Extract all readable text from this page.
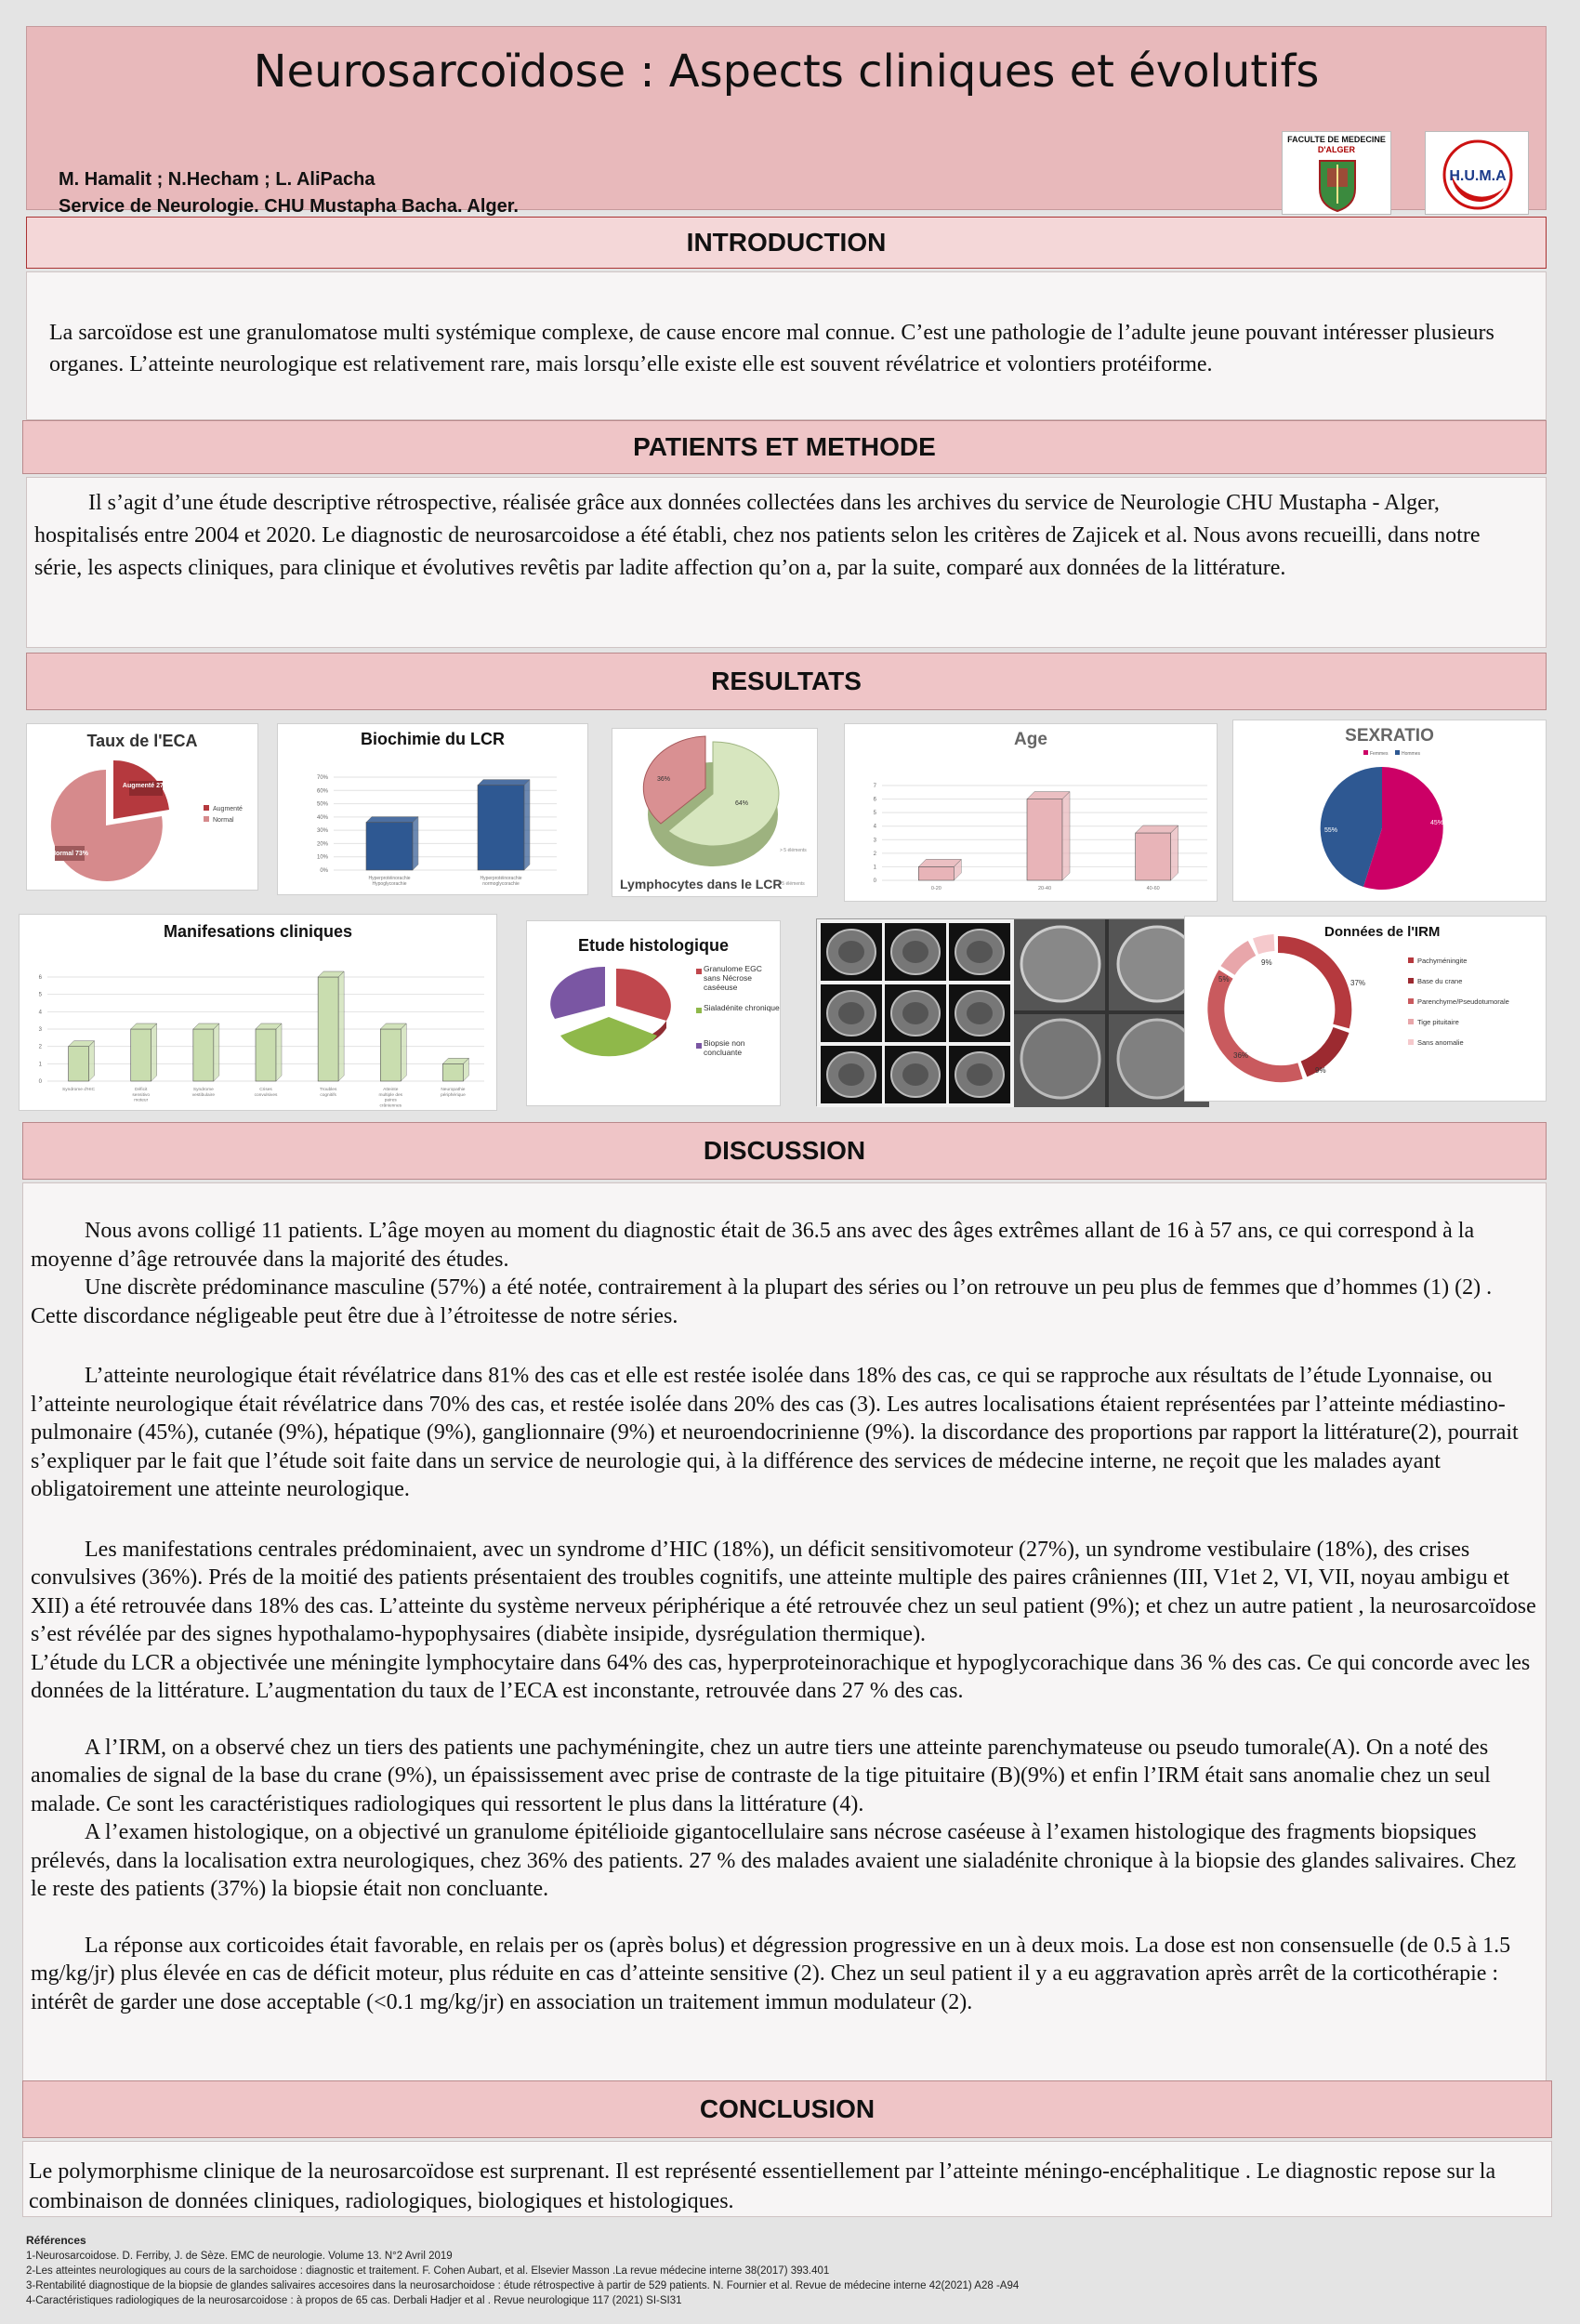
Neurosarcoïdose : Aspects cliniques et évolutifs
M. Hamalit ; N.Hecham ; L. AliPacha
Service de Neurologie. CHU Mustapha Bacha. Alger.
FACULTE DE MEDECINE
D'ALGER
H.U.M.A
INTRODUCTION

La sarcoïdose est une granulomatose multi systémique complexe, de cause encore mal connue. C’est une pathologie de l’adulte jeune pouvant intéresser plusieurs organes. L’atteinte neurologique est relativement rare, mais lorsqu’elle existe elle est souvent révélatrice et volontiers protéiforme.

PATIENTS ET METHODE

Il s’agit d’une étude descriptive rétrospective, réalisée grâce aux données collectées dans les archives du service de Neurologie CHU Mustapha - Alger, hospitalisés entre 2004 et 2020. Le diagnostic de neurosarcoidose a été établi, chez nos patients selon les critères de Zajicek et al. Nous avons recueilli, dans notre série, les aspects cliniques, para clinique et évolutives revêtis par ladite affection qu’on a, par la suite, comparé aux données de la littérature.

RESULTATS
Taux de l'ECA
Augmenté 27%
Normal 73%
Augmenté
Normal
Biochimie du LCR
0%
10%
20%
30%
40%
50%
60%
70%
Hyperprotéinorachie Hypoglycorachie
Hyperprotéinorachie normoglycorachie
64%
36%
> 5 éléments
< 5 éléments
Lymphocytes dans le LCR
Age
0
1
2
3
4
5
6
7
0-20	20-40	40-60
SEXRATIO
Femmes	Hommes
55%
45%
Manifesations cliniques
0
1
2
3
4
5
6
Syndrome d'HIC	Déficit sensitivo moteur
Syndrome vestibulaire
Crises convulsives
Troubles cognitifs
Atteinte multiple des paires crâniennes
Neuropathie périphérique
Etude histologique
Granulome EGC sans Nécrose caséeuse
Sialadénite chronique
Biopsie non concluante
Données de l'IRM
37%
9%
36%
5%
9%	Pachyméningite
Base du crane
Parenchyme/Pseudotumorale
Tige pituitaire
Sans anomalie
DISCUSSION

Nous avons colligé 11 patients. L’âge moyen au moment du diagnostic était de 36.5 ans avec des âges extrêmes allant de 16 à 57 ans, ce qui correspond à la moyenne d’âge retrouvée dans la majorité des études.

Une discrète prédominance masculine (57%) a été notée, contrairement à la plupart des séries ou l’on retrouve un peu plus de femmes que d’hommes (1) (2) . Cette discordance négligeable peut être due à l’étroitesse de notre séries.

L’atteinte neurologique était révélatrice dans 81% des cas et elle est restée isolée dans 18% des cas, ce qui se rapproche aux résultats de l’étude Lyonnaise, ou l’atteinte neurologique était révélatrice dans 70% des cas, et restée isolée dans 20% des cas (3). Les autres localisations étaient représentées par l’atteinte médiastino-pulmonaire (45%), cutanée (9%), hépatique (9%), ganglionnaire (9%) et neuroendocrinienne (9%). la discordance des proportions par rapport la littérature(2), pourrait s’expliquer par le fait que l’étude soit faite dans un service de neurologie qui, à la différence des services de médecine interne, ne reçoit que les malades ayant obligatoirement une atteinte neurologique.

Les manifestations centrales prédominaient, avec un syndrome d’HIC (18%), un déficit sensitivomoteur (27%), un syndrome vestibulaire (18%), des crises convulsives (36%). Prés de la moitié des patients présentaient des troubles cognitifs, une atteinte multiple des paires crâniennes (III, V1et 2, VI, VII, noyau ambigu et XII) a été retrouvée dans 18% des cas. L’atteinte du système nerveux périphérique a été retrouvée chez un seul patient (9%); et chez un autre patient , la neurosarcoïdose s’est révélée par des signes hypothalamo-hypophysaires (diabète insipide, dysrégulation thermique).

L’étude du LCR a objectivée une méningite lymphocytaire dans 64% des cas, hyperproteinorachique et hypoglycorachique dans 36 % des cas. Ce qui concorde avec les données de la littérature. L’augmentation du taux de l’ECA est inconstante, retrouvée dans 27 % des cas.

A l’IRM, on a observé chez un tiers des patients une pachyméningite, chez un autre tiers une atteinte parenchymateuse ou pseudo tumorale(A). On a noté des anomalies de signal de la base du crane (9%), un épaississement avec prise de contraste de la tige pituitaire (B)(9%) et enfin l’IRM était sans anomalie chez un seul malade. Ce sont les caractéristiques radiologiques qui ressortent le plus dans la littérature (4).

A l’examen histologique, on a objectivé un granulome épitélioide gigantocellulaire sans nécrose caséeuse à l’examen histologique des fragments biopsiques prélevés, dans la localisation extra neurologiques, chez 36% des patients. 27 % des malades avaient une sialadénite chronique à la biopsie des glandes salivaires. Chez le reste des patients (37%) la biopsie était non concluante.

La réponse aux corticoides était favorable, en relais per os (après bolus) et dégression progressive en un à deux mois. La dose est non consensuelle (de 0.5 à 1.5 mg/kg/jr) plus élevée en cas de déficit moteur, plus réduite en cas d’atteinte sensitive (2). Chez un seul patient il y a eu aggravation après arrêt de la corticothérapie : intérêt de garder une dose acceptable (<0.1 mg/kg/jr) en association un traitement immun modulateur (2).

CONCLUSION

Le polymorphisme clinique de la neurosarcoïdose est surprenant. Il est représenté essentiellement par l’atteinte méningo-encéphalitique . Le diagnostic repose sur la combinaison de données cliniques, radiologiques, biologiques et histologiques.

Références
1-Neurosarcoidose. D. Ferriby, J. de Sèze. EMC de neurologie. Volume 13. N°2 Avril 2019
2-Les atteintes neurologiques au cours de la sarchoidose : diagnostic et traitement. F. Cohen Aubart, et al. Elsevier Masson .La revue médecine interne 38(2017) 393.401
3-Rentabilité diagnostique de la biopsie de glandes salivaires accesoires dans la neurosarchoidose : étude rétrospective à partir de 529 patients. N. Fournier et al. Revue de médecine interne 42(2021) A28 -A94
4-Caractéristiques radiologiques de la neurosarcoidose : à propos de 65 cas. Derbali Hadjer et al . Revue neurologique 117 (2021) SI-SI31
